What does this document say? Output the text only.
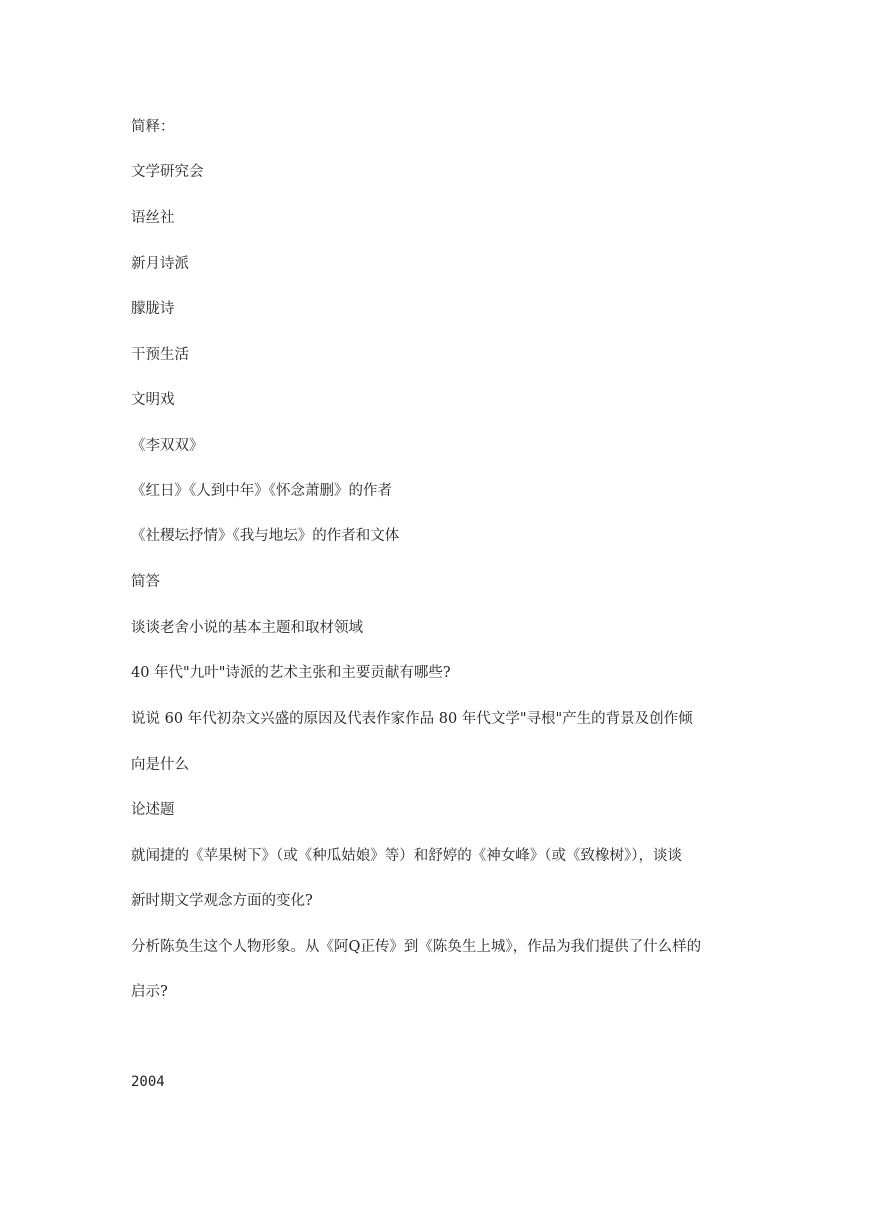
简释：
文学研究会
语丝社
新月诗派
朦胧诗
干预生活
文明戏
《李双双》
《红日》《人到中年》《怀念萧删》的作者
《社稷坛抒情》《我与地坛》的作者和文体
简答
谈谈老舍小说的基本主题和取材领域
40 年代"九叶"诗派的艺术主张和主要贡献有哪些?
说说 60 年代初杂文兴盛的原因及代表作家作品 80 年代文学"寻根"产生的背景及创作倾
向是什么
论述题
就闻捷的《苹果树下》（或《种瓜姑娘》等）和舒婷的《神女峰》（或《致橡树》），谈谈
新时期文学观念方面的变化?
分析陈奂生这个人物形象。从《阿Q正传》到《陈奂生上城》，作品为我们提供了什么样的
启示?
2004
